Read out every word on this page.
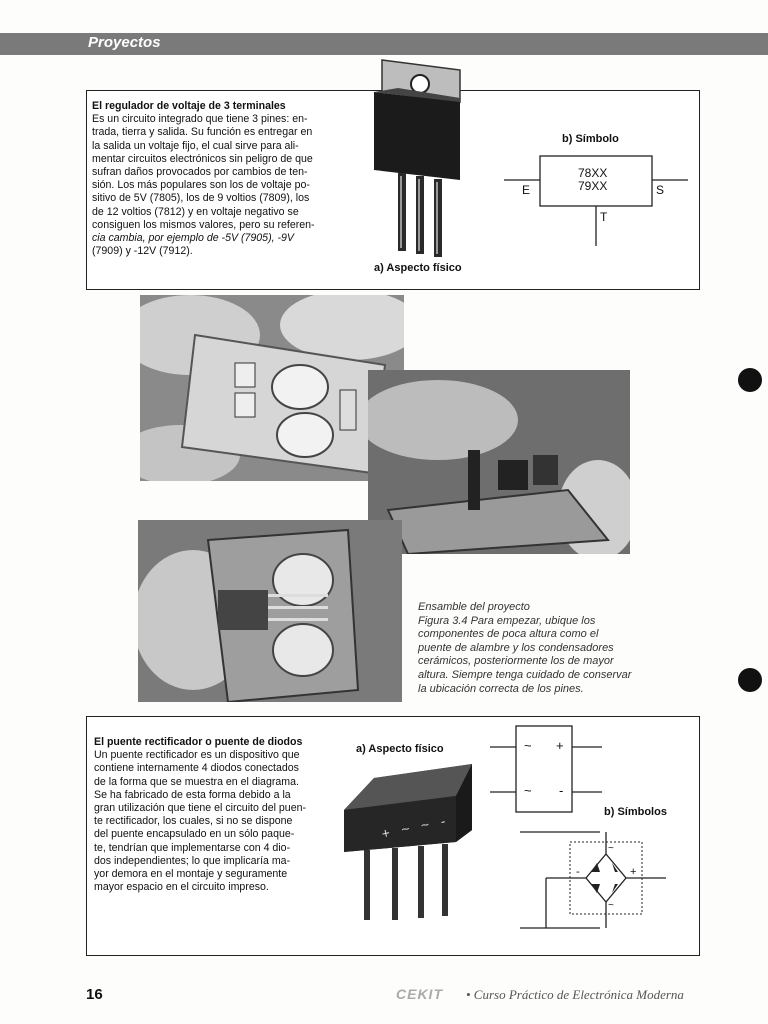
Proyectos
El regulador de voltaje de 3 terminales
Es un circuito integrado que tiene 3 pines: en-
trada, tierra y salida. Su función es entregar en
la salida un voltaje fijo, el cual sirve para ali-
mentar circuitos electrónicos sin peligro de que
sufran daños provocados por cambios de ten-
sión. Los más populares son los de voltaje po-
sitivo de 5V (7805), los de 9 voltios (7809), los
de 12 voltios (7812) y en voltaje negativo se
consiguen los mismos valores, pero su referen-
cia cambia, por ejemplo de -5V (7905), -9V
(7909) y -12V (7912).
a) Aspecto físico
b) Símbolo
78XX
79XX
E	S
T
Ensamble del proyecto
Figura 3.4 Para empezar, ubique los
componentes de poca altura como el
puente de alambre y los condensadores
cerámicos, posteriormente los de mayor
altura. Siempre tenga cuidado de conservar
la ubicación correcta de los pines.
El puente rectificador o puente de diodos
Un puente rectificador es un dispositivo que
contiene internamente 4 diodos conectados
de la forma que se muestra en el diagrama.
Se ha fabricado de esta forma debido a la
gran utilización que tiene el circuito del puen-
te rectificador, los cuales, si no se dispone
del puente encapsulado en un sólo paque-
te, tendrían que implementarse con 4 dio-
dos independientes; lo que implicaría ma-
yor demora en el montaje y seguramente
mayor espacio en el circuito impreso.
a) Aspecto físico
+ ~ ~ -
~ +
~ -
b) Símbolos
~
-	+
~
16	CEKIT • Curso Práctico de Electrónica Moderna
